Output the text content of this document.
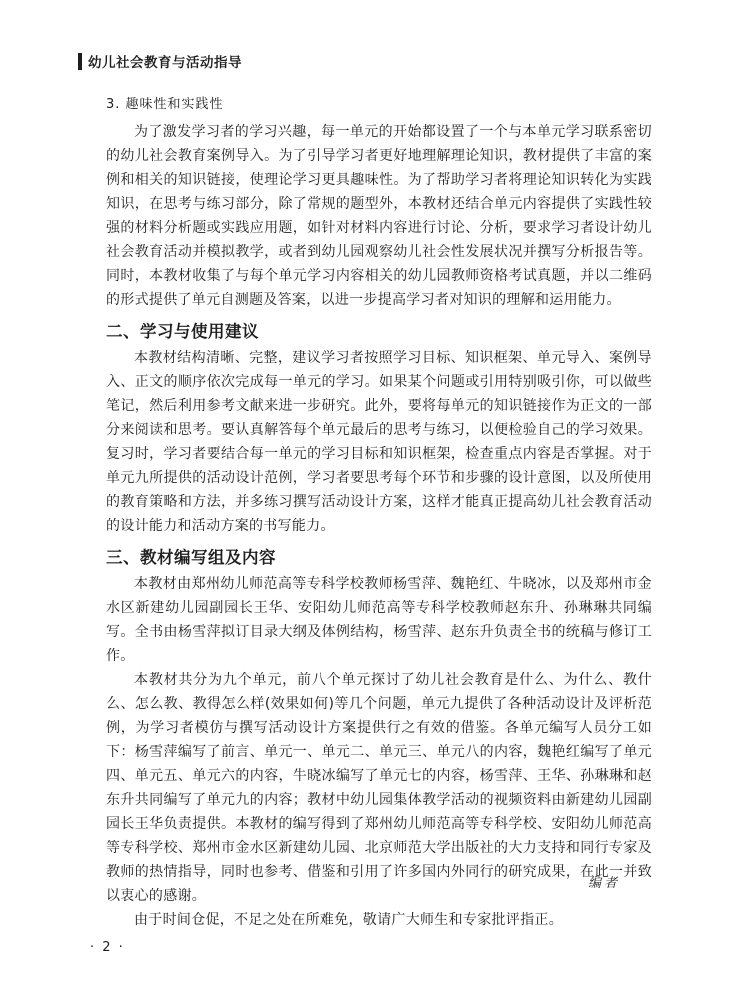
幼儿社会教育与活动指导
3. 趣味性和实践性

为了激发学习者的学习兴趣，每一单元的开始都设置了一个与本单元学习联系密切的幼儿社会教育案例导入。为了引导学习者更好地理解理论知识，教材提供了丰富的案例和相关的知识链接，使理论学习更具趣味性。为了帮助学习者将理论知识转化为实践知识，在思考与练习部分，除了常规的题型外，本教材还结合单元内容提供了实践性较强的材料分析题或实践应用题，如针对材料内容进行讨论、分析，要求学习者设计幼儿社会教育活动并模拟教学，或者到幼儿园观察幼儿社会性发展状况并撰写分析报告等。同时，本教材收集了与每个单元学习内容相关的幼儿园教师资格考试真题，并以二维码的形式提供了单元自测题及答案，以进一步提高学习者对知识的理解和运用能力。

二、学习与使用建议

本教材结构清晰、完整，建议学习者按照学习目标、知识框架、单元导入、案例导入、正文的顺序依次完成每一单元的学习。如果某个问题或引用特别吸引你，可以做些笔记，然后利用参考文献来进一步研究。此外，要将每单元的知识链接作为正文的一部分来阅读和思考。要认真解答每个单元最后的思考与练习，以便检验自己的学习效果。复习时，学习者要结合每一单元的学习目标和知识框架，检查重点内容是否掌握。对于单元九所提供的活动设计范例，学习者要思考每个环节和步骤的设计意图，以及所使用的教育策略和方法，并多练习撰写活动设计方案，这样才能真正提高幼儿社会教育活动的设计能力和活动方案的书写能力。

三、教材编写组及内容

本教材由郑州幼儿师范高等专科学校教师杨雪萍、魏艳红、牛晓冰，以及郑州市金水区新建幼儿园副园长王华、安阳幼儿师范高等专科学校教师赵东升、孙琳琳共同编写。全书由杨雪萍拟订目录大纲及体例结构，杨雪萍、赵东升负责全书的统稿与修订工作。

本教材共分为九个单元，前八个单元探讨了幼儿社会教育是什么、为什么、教什么、怎么教、教得怎么样(效果如何)等几个问题，单元九提供了各种活动设计及评析范例，为学习者模仿与撰写活动设计方案提供行之有效的借鉴。各单元编写人员分工如下：杨雪萍编写了前言、单元一、单元二、单元三、单元八的内容，魏艳红编写了单元四、单元五、单元六的内容，牛晓冰编写了单元七的内容，杨雪萍、王华、孙琳琳和赵东升共同编写了单元九的内容；教材中幼儿园集体教学活动的视频资料由新建幼儿园副园长王华负责提供。本教材的编写得到了郑州幼儿师范高等专科学校、安阳幼儿师范高等专科学校、郑州市金水区新建幼儿园、北京师范大学出版社的大力支持和同行专家及教师的热情指导，同时也参考、借鉴和引用了许多国内外同行的研究成果，在此一并致以衷心的感谢。

由于时间仓促，不足之处在所难免，敬请广大师生和专家批评指正。

编者
· 2 ·
